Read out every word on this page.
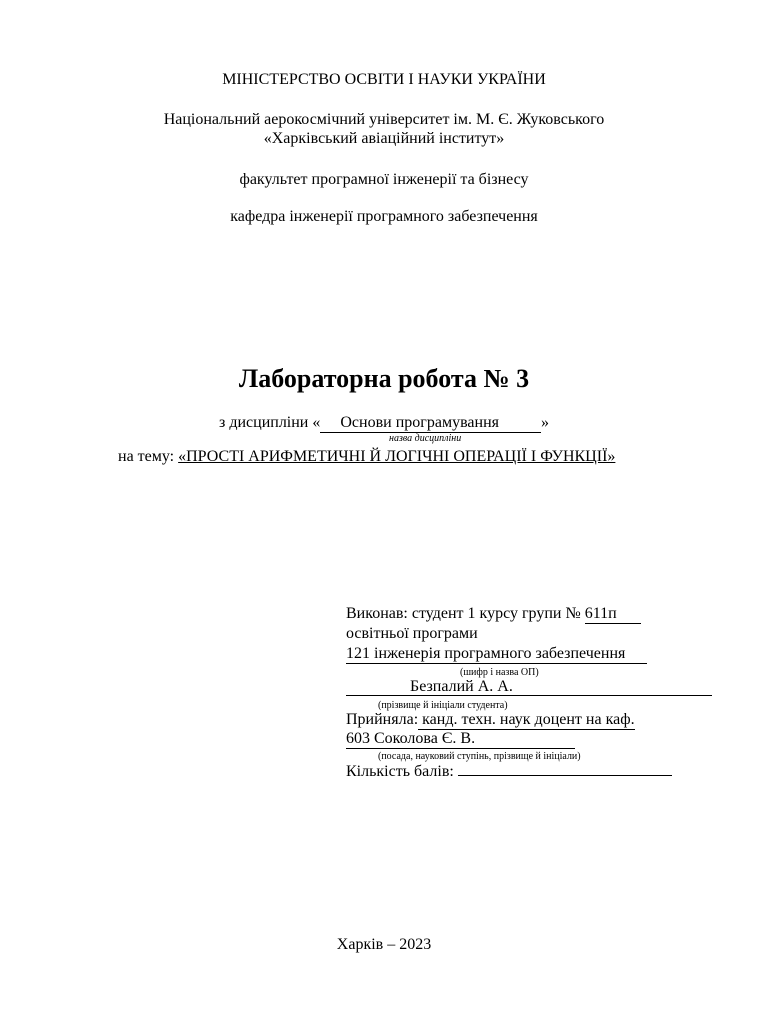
МІНІСТЕРСТВО ОСВІТИ І НАУКИ УКРАЇНИ
Національний аерокосмічний університет ім. М. Є. Жуковського
«Харківський авіаційний інститут»
факультет програмної інженерії та бізнесу
кафедра інженерії програмного забезпечення
Лабораторна робота № 3
з дисципліни « Основи програмування	»
назва дисципліни
на тему: «ПРОСТІ АРИФМЕТИЧНІ Й ЛОГІЧНІ ОПЕРАЦІЇ І ФУНКЦІЇ»
Виконав: студент 1 курсу групи № 611п
освітньої програми
121 інженерія програмного забезпечення
(шифр і назва ОП)
Безпалий А. А.
(прізвище й ініціали студента)
Прийняла: канд. техн. наук доцент на каф.
603 Соколова Є. В.
(посада, науковий ступінь, прізвище й ініціали)
Кількість балів:
Харків – 2023
